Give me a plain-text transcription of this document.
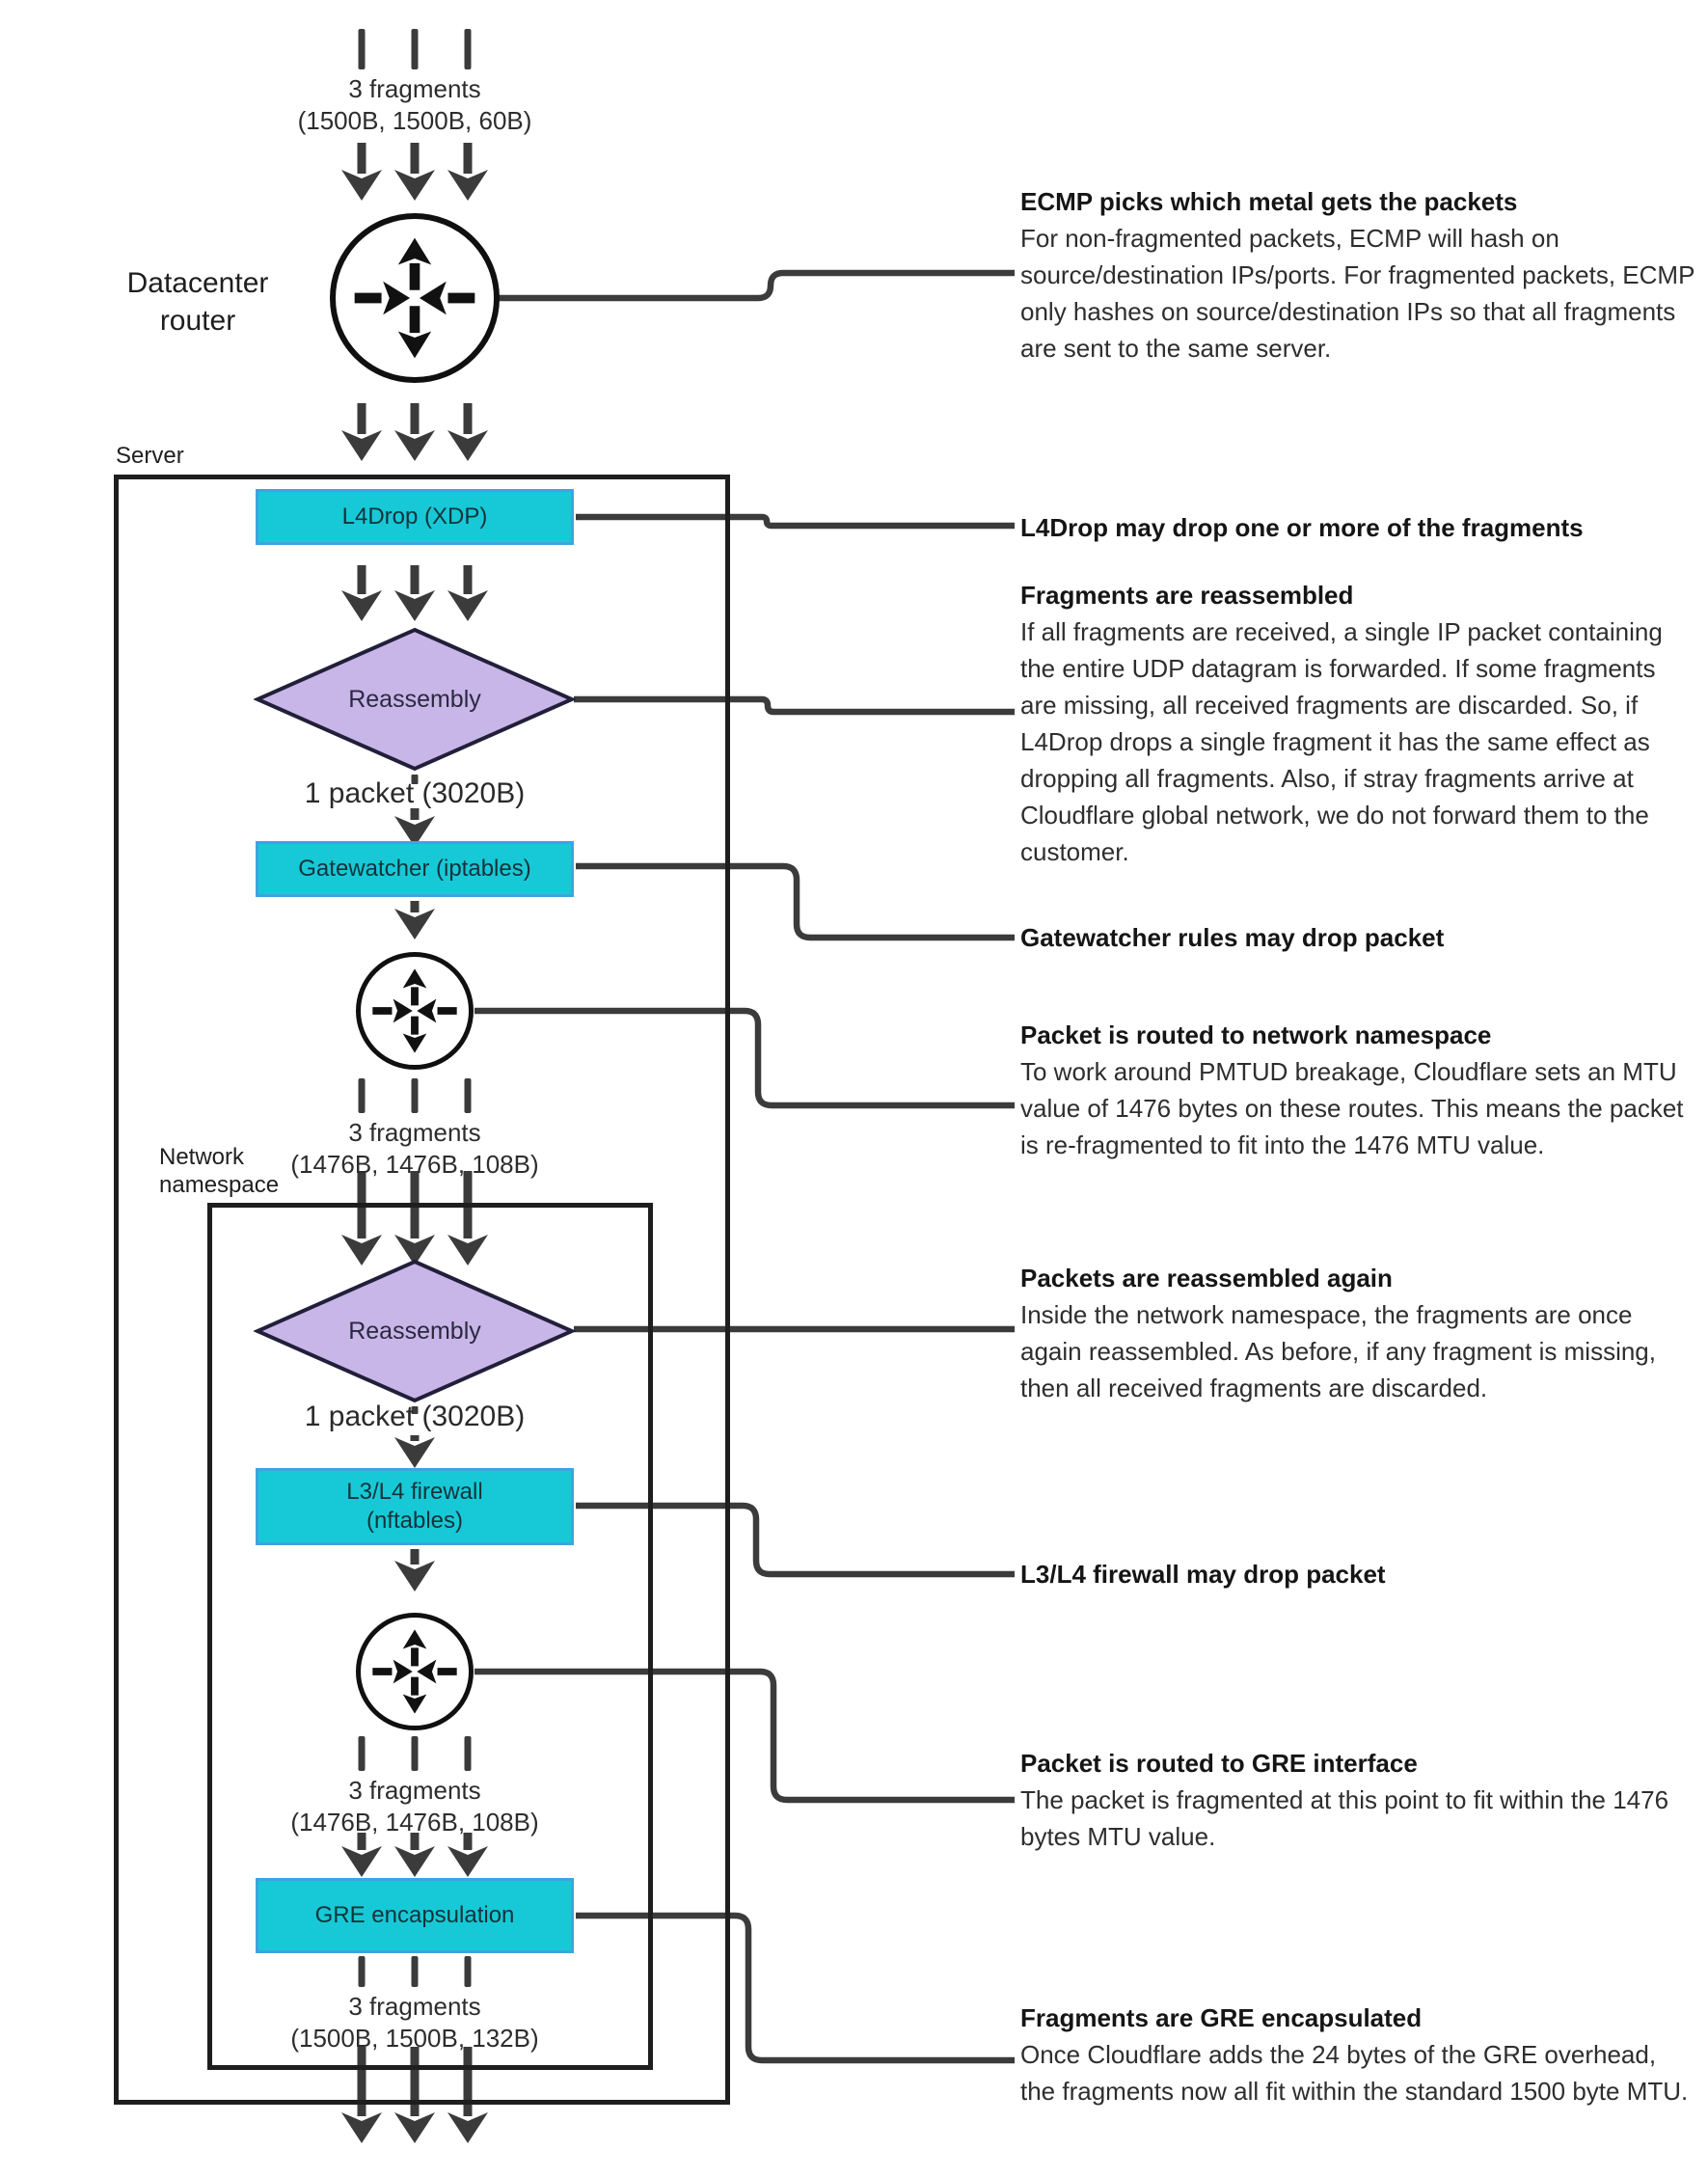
Server
Network namespace
3 fragments
(1500B, 1500B, 60B)
Datacenter router
L4Drop (XDP)
Reassembly
1 packet (3020B)
Gatewatcher (iptables)
3 fragments
(1476B, 1476B, 108B)
Reassembly
1 packet (3020B)
L3/L4 firewall
(nftables)
3 fragments
(1476B, 1476B, 108B)
GRE encapsulation
3 fragments
(1500B, 1500B, 132B)
ECMP picks which metal gets the packets
For non-fragmented packets, ECMP will hash on source/destination IPs/ports. For fragmented packets, ECMP only hashes on source/destination IPs so that all fragments are sent to the same server.
L4Drop may drop one or more of the fragments
Fragments are reassembled
If all fragments are received, a single IP packet containing the entire UDP datagram is forwarded. If some fragments are missing, all received fragments are discarded. So, if L4Drop drops a single fragment it has the same effect as dropping all fragments. Also, if stray fragments arrive at Cloudflare global network, we do not forward them to the customer.
Gatewatcher rules may drop packet
Packet is routed to network namespace
To work around PMTUD breakage, Cloudflare sets an MTU value of 1476 bytes on these routes. This means the packet is re-fragmented to fit into the 1476 MTU value.
Packets are reassembled again
Inside the network namespace, the fragments are once again reassembled. As before, if any fragment is missing, then all received fragments are discarded.
L3/L4 firewall may drop packet
Packet is routed to GRE interface
The packet is fragmented at this point to fit within the 1476 bytes MTU value.
Fragments are GRE encapsulated
Once Cloudflare adds the 24 bytes of the GRE overhead, the fragments now all fit within the standard 1500 byte MTU.
